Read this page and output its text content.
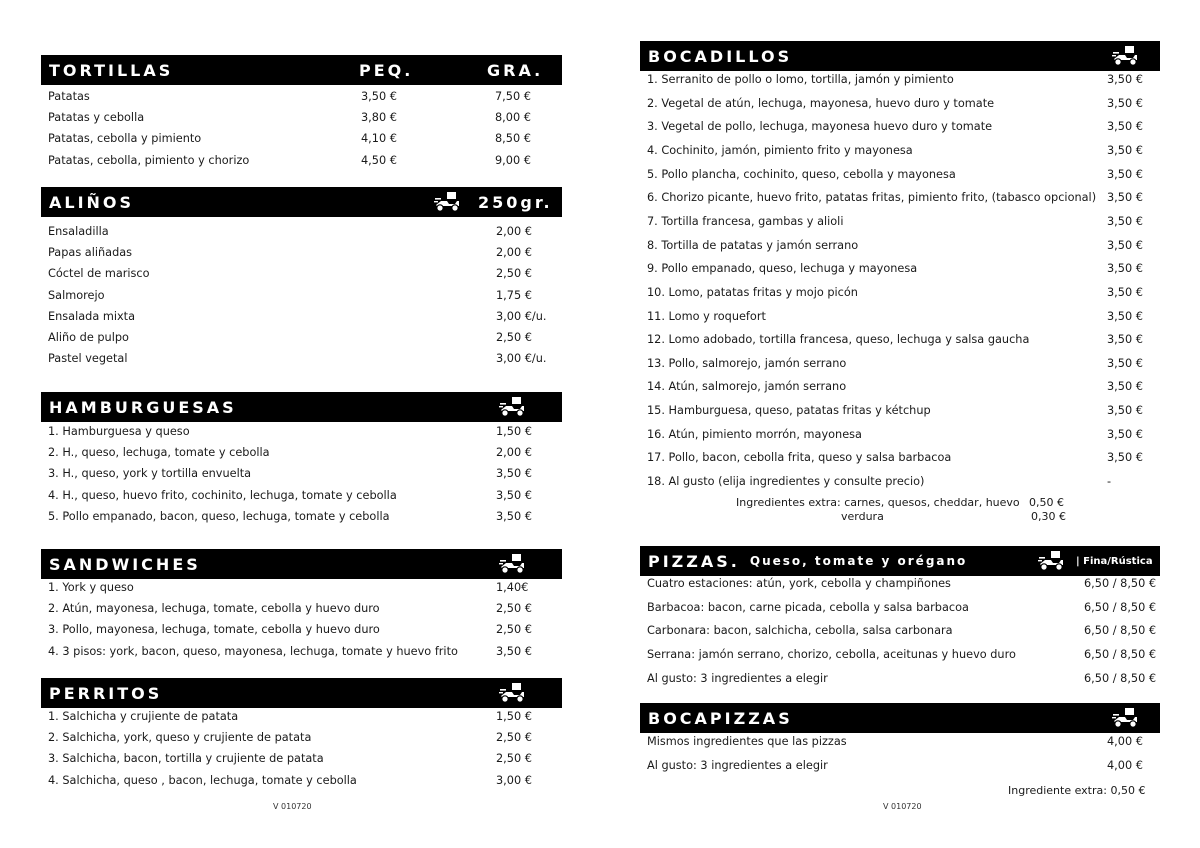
TORTILLAS	PEQ.	GRA.
Patatas	3,50 €	7,50 €
Patatas y cebolla	3,80 €	8,00 €
Patatas, cebolla y pimiento	4,10 €	8,50 €
Patatas, cebolla, pimiento y chorizo	4,50 €	9,00 €
ALIÑOS	250gr.
Ensaladilla	2,00 €
Papas aliñadas	2,00 €
Cóctel de marisco	2,50 €
Salmorejo	1,75 €
Ensalada mixta	3,00 €/u.
Aliño de pulpo	2,50 €
Pastel vegetal	3,00 €/u.
HAMBURGUESAS
1. Hamburguesa y queso	1,50 €
2. H., queso, lechuga, tomate y cebolla	2,00 €
3. H., queso, york y tortilla envuelta	3,50 €
4. H., queso, huevo frito, cochinito, lechuga, tomate y cebolla	3,50 €
5. Pollo empanado, bacon, queso, lechuga, tomate y cebolla	3,50 €
SANDWICHES
1. York y queso	1,40€
2. Atún, mayonesa, lechuga, tomate, cebolla y huevo duro	2,50 €
3. Pollo, mayonesa, lechuga, tomate, cebolla y huevo duro	2,50 €
4. 3 pisos: york, bacon, queso, mayonesa, lechuga, tomate y huevo frito	3,50 €
PERRITOS
1. Salchicha y crujiente de patata	1,50 €
2. Salchicha, york, queso y crujiente de patata	2,50 €
3. Salchicha, bacon, tortilla y crujiente de patata	2,50 €
4. Salchicha, queso , bacon, lechuga, tomate y cebolla	3,00 €
V 010720
BOCADILLOS
1. Serranito de pollo o lomo, tortilla, jamón y pimiento	3,50 €
2. Vegetal de atún, lechuga, mayonesa, huevo duro y tomate	3,50 €
3. Vegetal de pollo, lechuga, mayonesa huevo duro y tomate	3,50 €
4. Cochinito, jamón, pimiento frito y mayonesa	3,50 €
5. Pollo plancha, cochinito, queso, cebolla y mayonesa	3,50 €
6. Chorizo picante, huevo frito, patatas fritas, pimiento frito, (tabasco opcional) 3,50 €
7. Tortilla francesa, gambas y alioli	3,50 €
8. Tortilla de patatas y jamón serrano	3,50 €
9. Pollo empanado, queso, lechuga y mayonesa	3,50 €
10. Lomo, patatas fritas y mojo picón	3,50 €
11. Lomo y roquefort	3,50 €
12. Lomo adobado, tortilla francesa, queso, lechuga y salsa gaucha	3,50 €
13. Pollo, salmorejo, jamón serrano	3,50 €
14. Atún, salmorejo, jamón serrano	3,50 €
15. Hamburguesa, queso, patatas fritas y kétchup	3,50 €
16. Atún, pimiento morrón, mayonesa	3,50 €
17. Pollo, bacon, cebolla frita, queso y salsa barbacoa	3,50 €
18. Al gusto (elija ingredientes y consulte precio)	-
Ingredientes extra: carnes, quesos, cheddar, huevo 0,50 €
verdura	0,30 €
PIZZAS. Queso, tomate y orégano	| Fina/Rústica
Cuatro estaciones: atún, york, cebolla y champiñones	6,50 / 8,50 €
Barbacoa: bacon, carne picada, cebolla y salsa barbacoa	6,50 / 8,50 €
Carbonara: bacon, salchicha, cebolla, salsa carbonara	6,50 / 8,50 €
Serrana: jamón serrano, chorizo, cebolla, aceitunas y huevo duro	6,50 / 8,50 €
Al gusto: 3 ingredientes a elegir	6,50 / 8,50 €
BOCAPIZZAS
Mismos ingredientes que las pizzas	4,00 €
Al gusto: 3 ingredientes a elegir	4,00 €
Ingrediente extra: 0,50 €
V 010720
